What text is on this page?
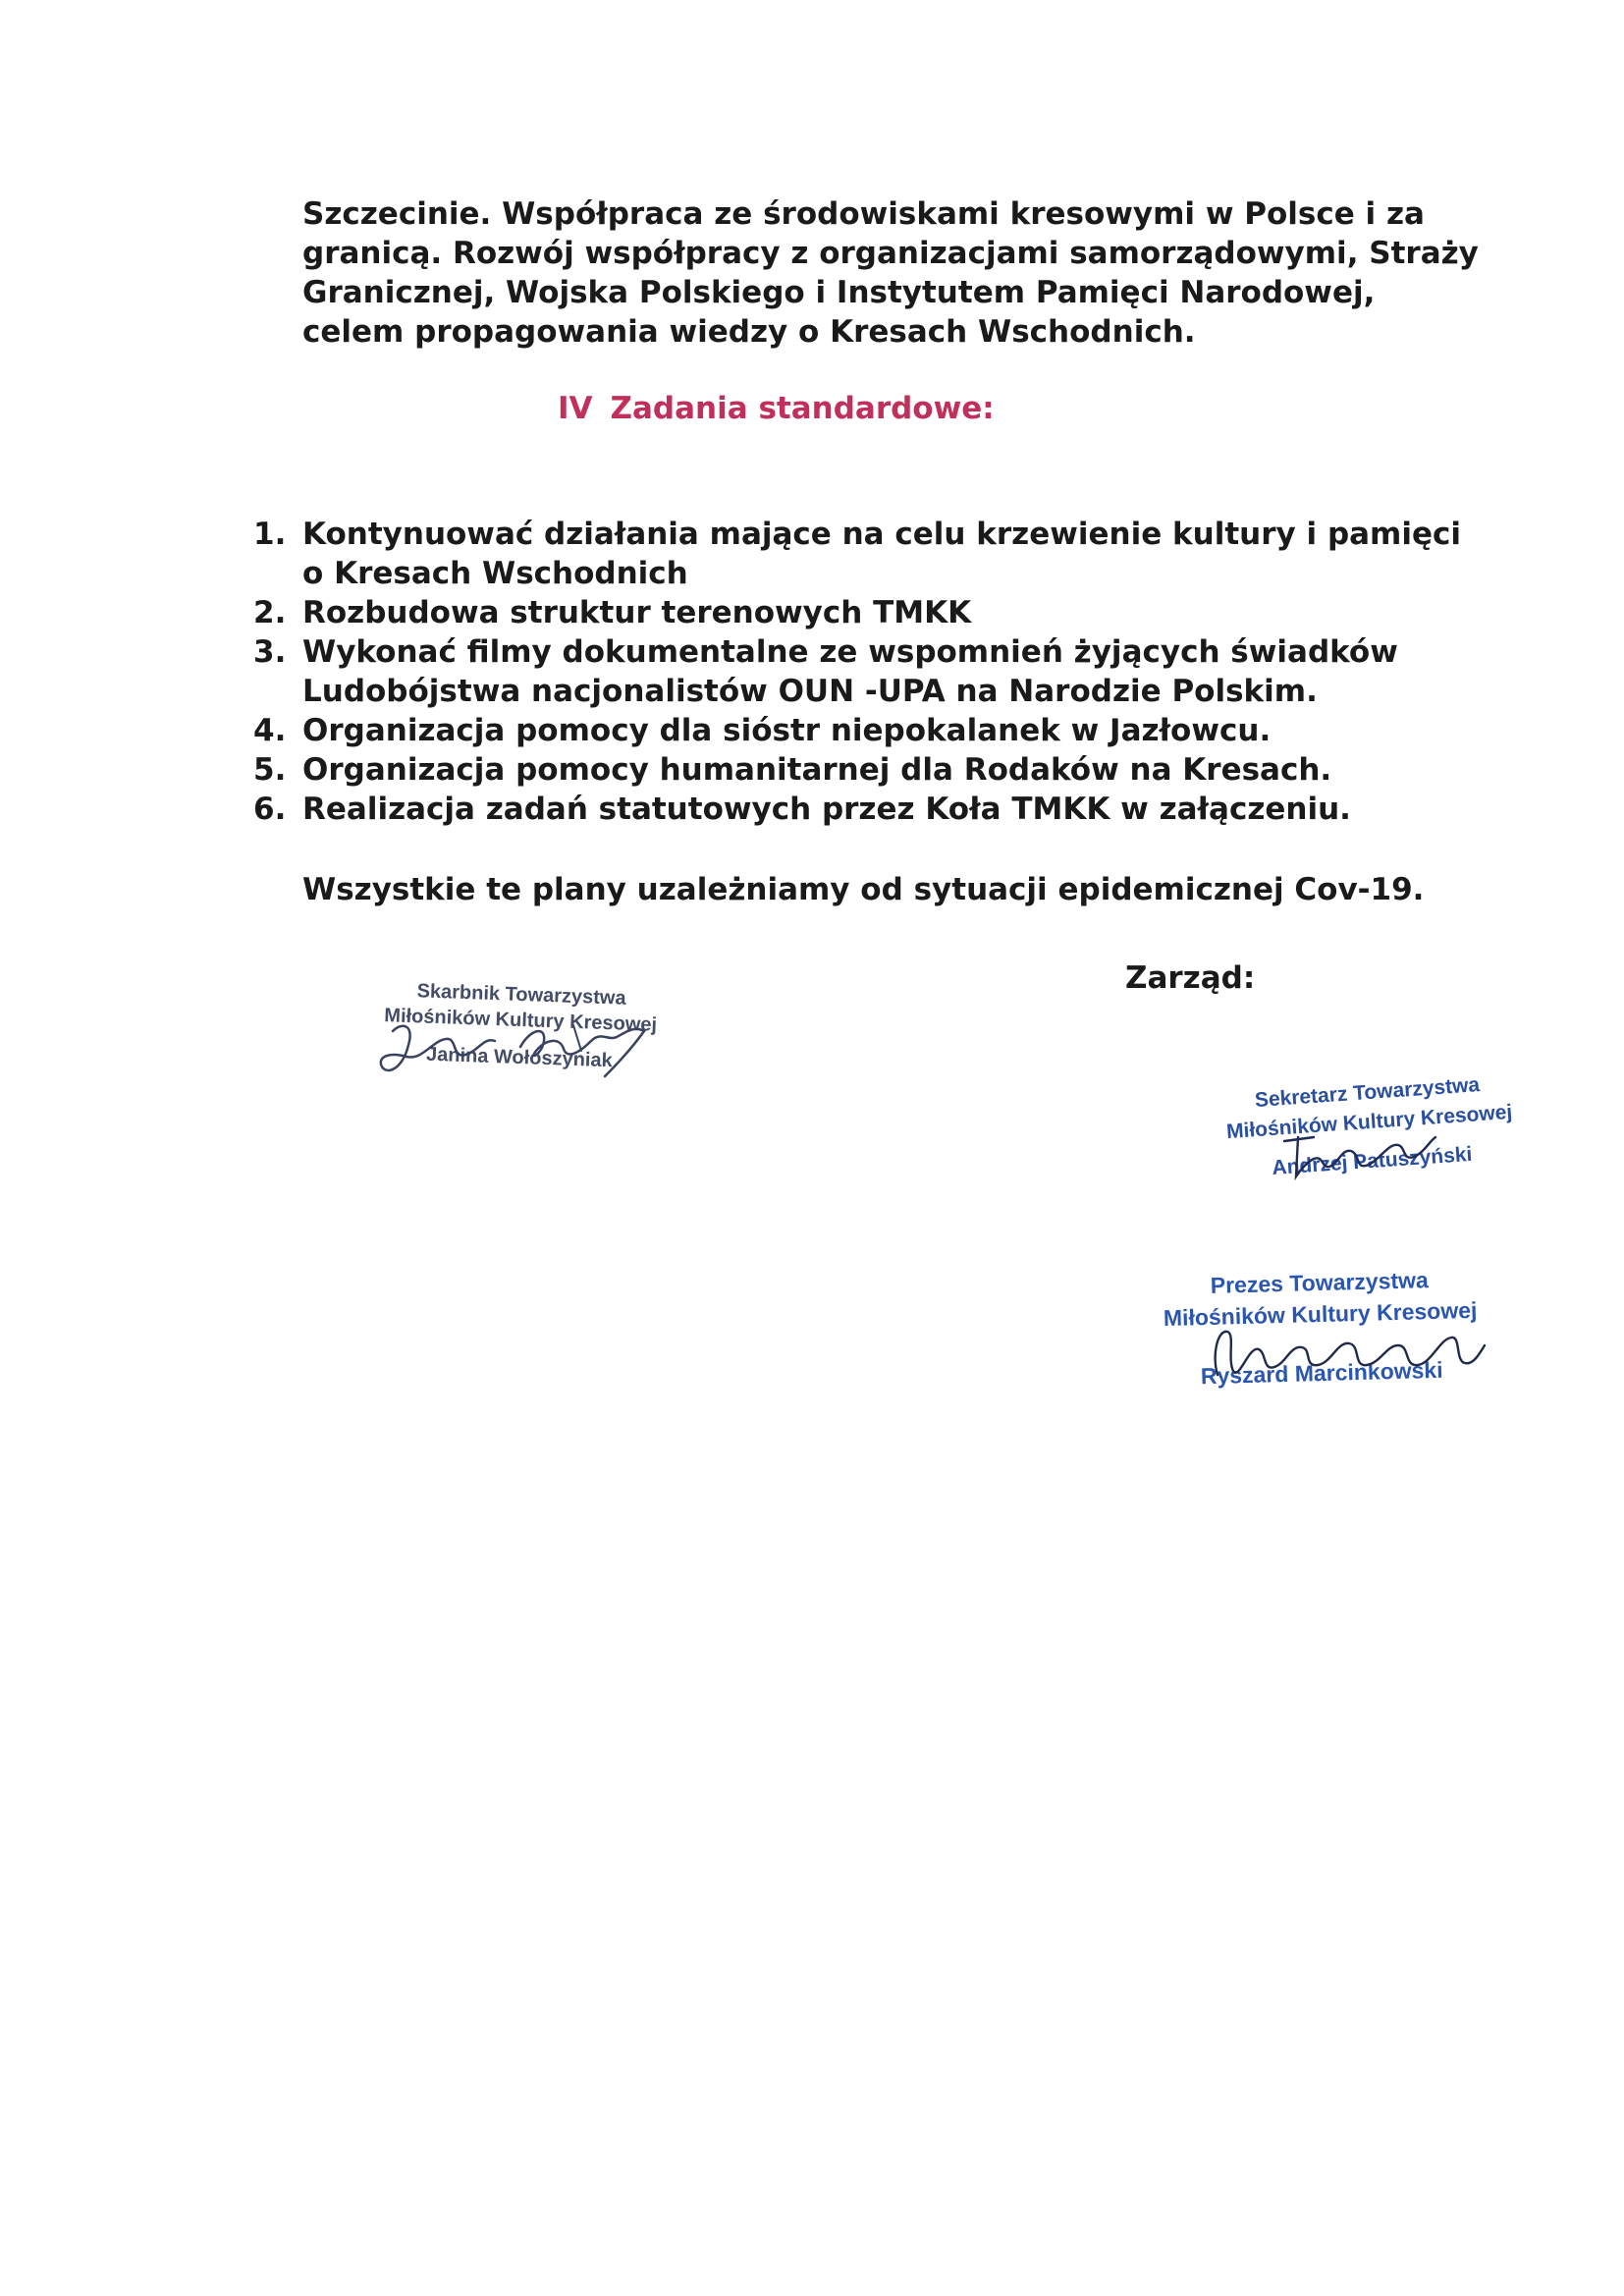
Szczecinie. Współpraca ze środowiskami kresowymi w Polsce i za
granicą. Rozwój współpracy z organizacjami samorządowymi, Straży
Granicznej, Wojska Polskiego i Instytutem Pamięci Narodowej,
celem propagowania wiedzy o Kresach Wschodnich.

IV Zadania standardowe:
1. Kontynuować działania mające na celu krzewienie kultury i pamięci
o Kresach Wschodnich
2. Rozbudowa struktur terenowych TMKK
3. Wykonać filmy dokumentalne ze wspomnień żyjących świadków
Ludobójstwa nacjonalistów OUN -UPA na Narodzie Polskim.
4. Organizacja pomocy dla sióstr niepokalanek w Jazłowcu.
5. Organizacja pomocy humanitarnej dla Rodaków na Kresach.
6. Realizacja zadań statutowych przez Koła TMKK w załączeniu.

Wszystkie te plany uzależniamy od sytuacji epidemicznej Cov-19.

Zarząd:

Skarbnik Towarzystwa
Miłośników Kultury Kresowej
Janina Wołoszyniak
Sekretarz Towarzystwa
Miłośników Kultury Kresowej
Andrzej Patuszyński
Prezes Towarzystwa
Miłośników Kultury Kresowej
Ryszard Marcinkowski
